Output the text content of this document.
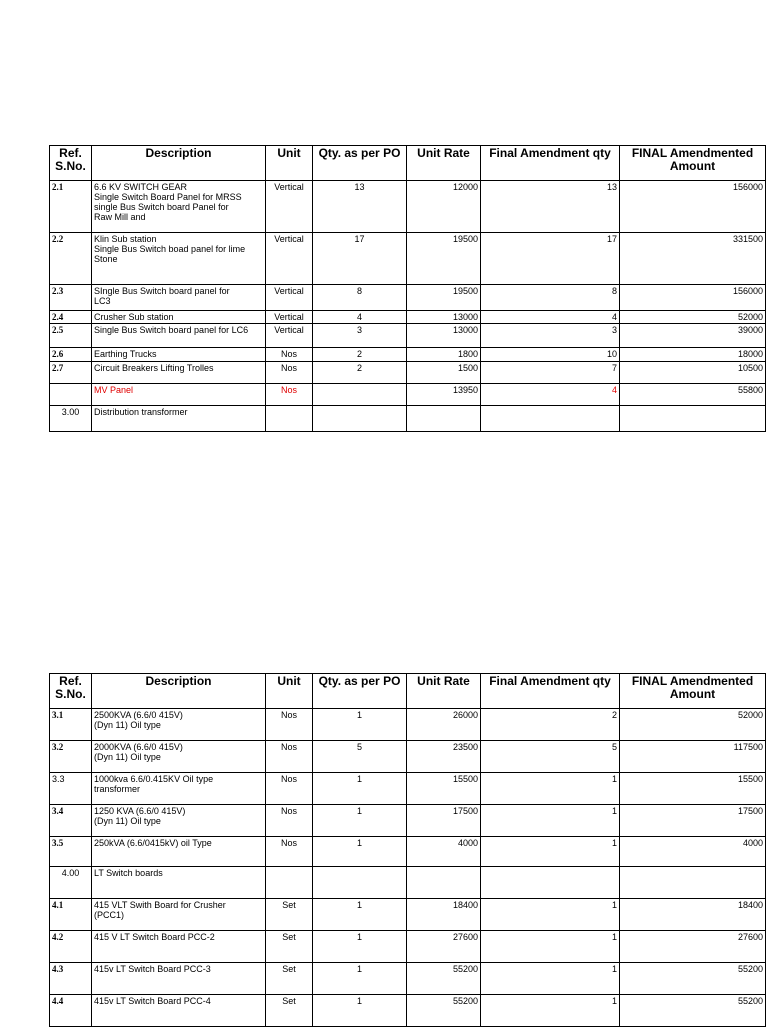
Ref. S.No.	Description	Unit	Qty. as per PO	Unit Rate	Final Amendment qty	FINAL Amendmented Amount
2.1	6.6 KV SWITCH GEAR
Single Switch Board Panel for MRSS
single Bus Switch board Panel for
Raw Mill and	Vertical	13	12000	13	156000
2.2	Klin Sub station
Single Bus Switch boad panel for lime
Stone	Vertical	17	19500	17	331500
2.3	SIngle Bus Switch board panel for
LC3	Vertical	8	19500	8	156000
2.4	Crusher Sub station	Vertical	4	13000	4	52000
2.5	Single Bus Switch board panel for LC6	Vertical	3	13000	3	39000
2.6	Earthing Trucks	Nos	2	1800	10	18000
2.7	Circuit Breakers Lifting Trolles	Nos	2	1500	7	10500
	MV Panel	Nos		13950	4	55800
3.00	Distribution transformer					
Ref. S.No.	Description	Unit	Qty. as per PO	Unit Rate	Final Amendment qty	FINAL Amendmented Amount
3.1	2500KVA (6.6/0 415V)
(Dyn 11) Oil type	Nos	1	26000	2	52000
3.2	2000KVA (6.6/0 415V)
(Dyn 11) Oil type	Nos	5	23500	5	117500
3.3	1000kva 6.6/0.415KV Oil type
transformer	Nos	1	15500	1	15500
3.4	1250 KVA (6.6/0 415V)
(Dyn 11) Oil type	Nos	1	17500	1	17500
3.5	250kVA (6.6/0415kV) oil Type	Nos	1	4000	1	4000
4.00	LT Switch boards					
4.1	415 VLT Swith Board for Crusher
(PCC1)	Set	1	18400	1	18400
4.2	415 V LT Switch Board PCC-2	Set	1	27600	1	27600
4.3	415v LT Switch Board PCC-3	Set	1	55200	1	55200
4.4	415v LT Switch Board PCC-4	Set	1	55200	1	55200
